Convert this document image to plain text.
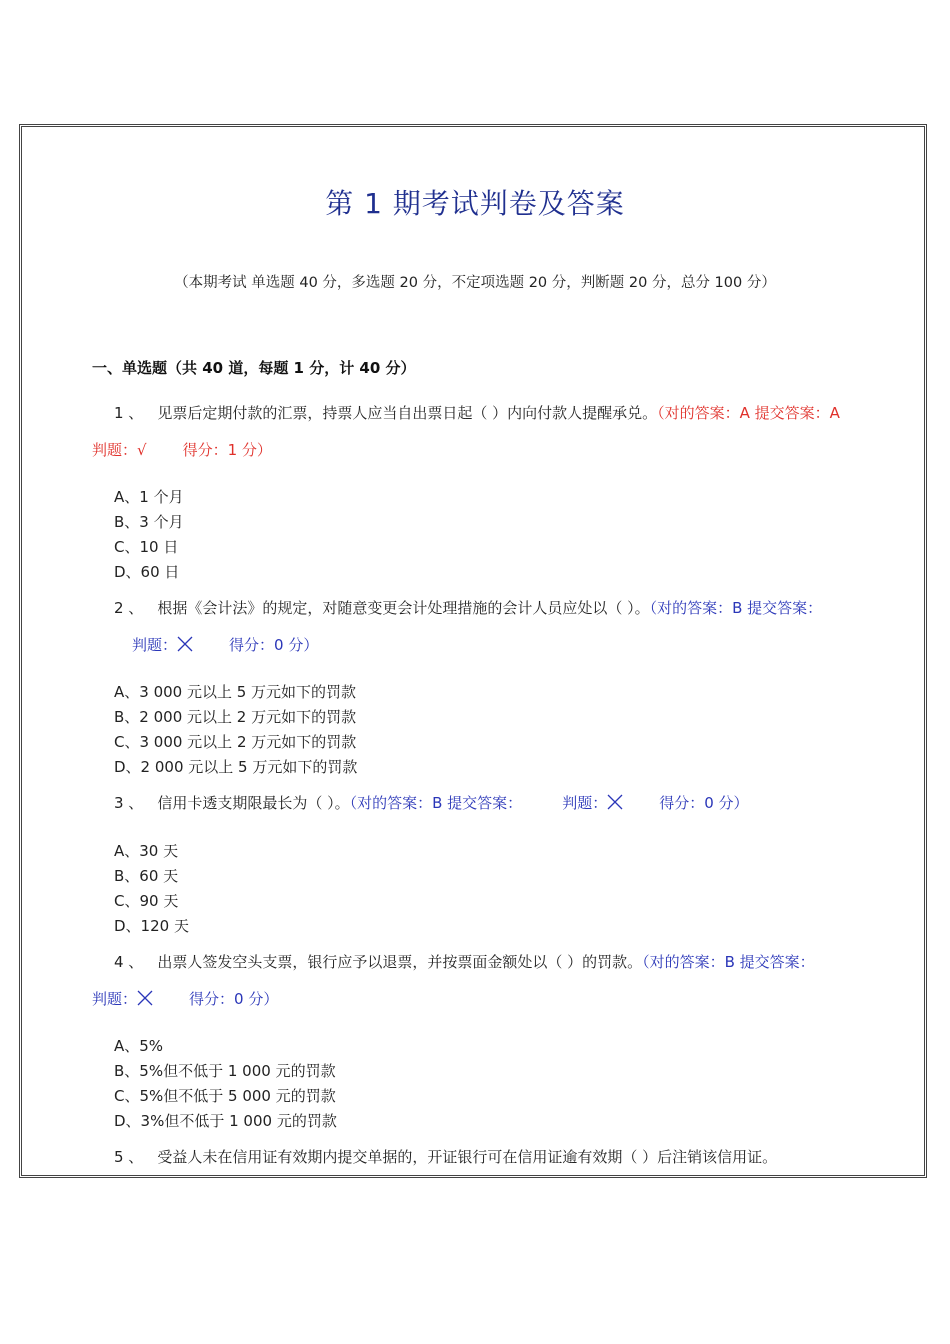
第 1 期考试判卷及答案
（本期考试 单选题 40 分，多选题 20 分，不定项选题 20 分，判断题 20 分，总分 100 分）
一、单选题（共 40 道，每题 1 分，计 40 分）
1 、 见票后定期付款的汇票，持票人应当自出票日起（ ）内向付款人提醒承兑。（对的答案：A 提交答案：A 判题：√ 得分：1 分）
A、1 个月
B、3 个月
C、10 日
D、60 日
2 、 根据《会计法》的规定，对随意变更会计处理措施的会计人员应处以（ ）。（对的答案：B 提交答案：判题：	得分：0 分）
A、3 000 元以上 5 万元如下的罚款
B、2 000 元以上 2 万元如下的罚款
C、3 000 元以上 2 万元如下的罚款
D、2 000 元以上 5 万元如下的罚款
3 、 信用卡透支期限最长为（ ）。（对的答案：B 提交答案：	判题：	得分：0 分）
A、30 天
B、60 天
C、90 天
D、120 天
4 、 出票人签发空头支票，银行应予以退票，并按票面金额处以（ ）的罚款。（对的答案：B 提交答案：判题：	得分：0 分）
A、5%
B、5%但不低于 1 000 元的罚款
C、5%但不低于 5 000 元的罚款
D、3%但不低于 1 000 元的罚款
5 、 受益人未在信用证有效期内提交单据的，开证银行可在信用证逾有效期（ ）后注销该信用证。
